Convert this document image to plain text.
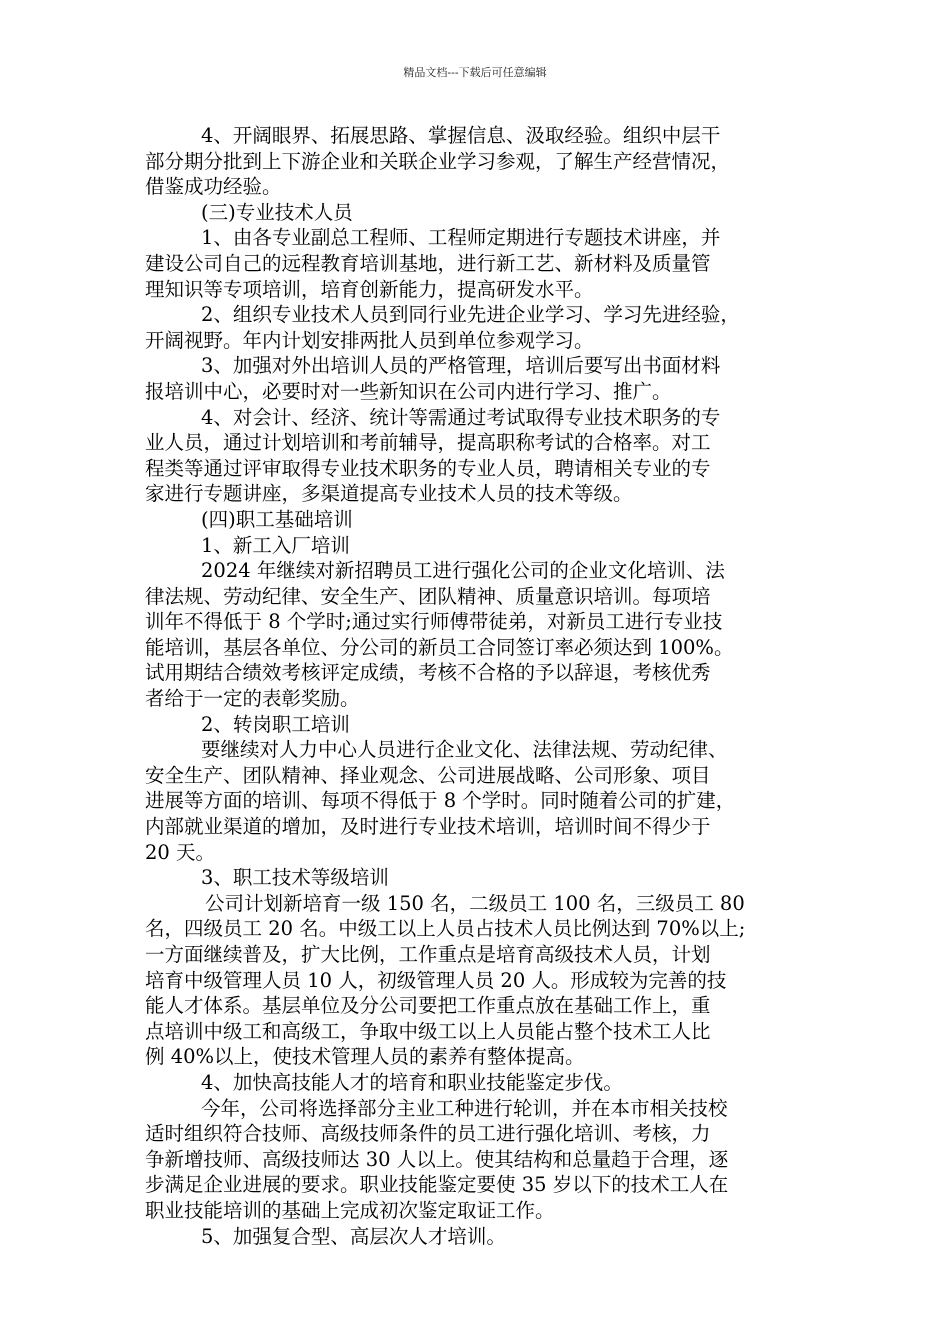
精品文档---下载后可任意编辑
4、开阔眼界、拓展思路、掌握信息、汲取经验。组织中层干
部分期分批到上下游企业和关联企业学习参观，了解生产经营情况，
借鉴成功经验。
(三)专业技术人员
1、由各专业副总工程师、工程师定期进行专题技术讲座，并
建设公司自己的远程教育培训基地，进行新工艺、新材料及质量管
理知识等专项培训，培育创新能力，提高研发水平。
2、组织专业技术人员到同行业先进企业学习、学习先进经验，
开阔视野。年内计划安排两批人员到单位参观学习。
3、加强对外出培训人员的严格管理，培训后要写出书面材料
报培训中心，必要时对一些新知识在公司内进行学习、推广。
4、对会计、经济、统计等需通过考试取得专业技术职务的专
业人员，通过计划培训和考前辅导，提高职称考试的合格率。对工
程类等通过评审取得专业技术职务的专业人员，聘请相关专业的专
家进行专题讲座，多渠道提高专业技术人员的技术等级。
(四)职工基础培训
1、新工入厂培训
2024 年继续对新招聘员工进行强化公司的企业文化培训、法
律法规、劳动纪律、安全生产、团队精神、质量意识培训。每项培
训年不得低于 8 个学时;通过实行师傅带徒弟，对新员工进行专业技
能培训，基层各单位、分公司的新员工合同签订率必须达到 100%。
试用期结合绩效考核评定成绩，考核不合格的予以辞退，考核优秀
者给于一定的表彰奖励。
2、转岗职工培训
要继续对人力中心人员进行企业文化、法律法规、劳动纪律、
安全生产、团队精神、择业观念、公司进展战略、公司形象、项目
进展等方面的培训、每项不得低于 8 个学时。同时随着公司的扩建，
内部就业渠道的增加，及时进行专业技术培训，培训时间不得少于
20 天。
3、职工技术等级培训
公司计划新培育一级 150 名，二级员工 100 名，三级员工 80
名，四级员工 20 名。中级工以上人员占技术人员比例达到 70%以上;
一方面继续普及，扩大比例，工作重点是培育高级技术人员，计划
培育中级管理人员 10 人，初级管理人员 20 人。形成较为完善的技
能人才体系。基层单位及分公司要把工作重点放在基础工作上，重
点培训中级工和高级工，争取中级工以上人员能占整个技术工人比
例 40%以上，使技术管理人员的素养有整体提高。
4、加快高技能人才的培育和职业技能鉴定步伐。
今年，公司将选择部分主业工种进行轮训，并在本市相关技校
适时组织符合技师、高级技师条件的员工进行强化培训、考核，力
争新增技师、高级技师达 30 人以上。使其结构和总量趋于合理，逐
步满足企业进展的要求。职业技能鉴定要使 35 岁以下的技术工人在
职业技能培训的基础上完成初次鉴定取证工作。
5、加强复合型、高层次人才培训。
